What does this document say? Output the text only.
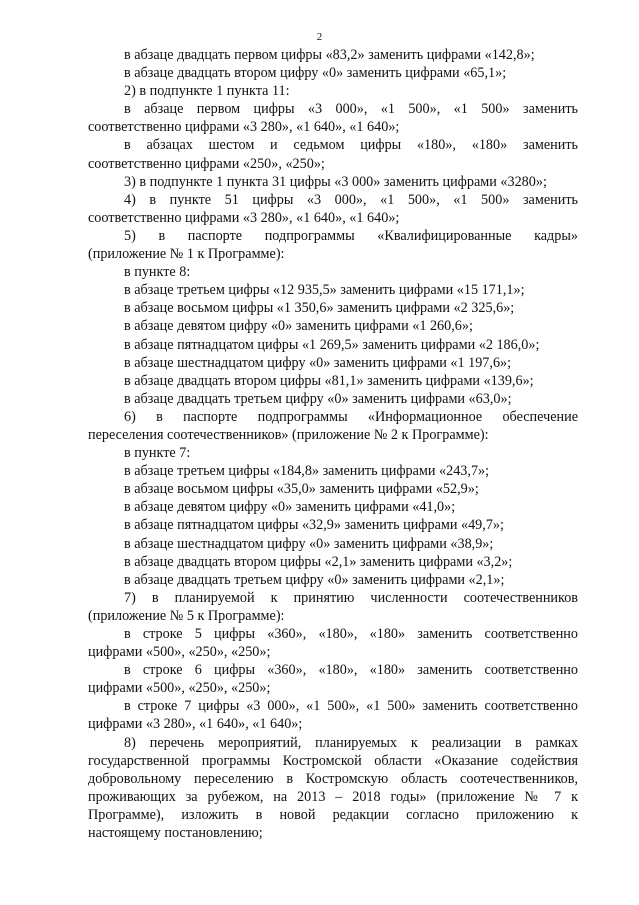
2
в абзаце двадцать первом цифры «83,2» заменить цифрами «142,8»;
в абзаце двадцать втором цифру «0» заменить цифрами «65,1»;
2) в подпункте 1 пункта 11:
в абзаце первом цифры «3 000», «1 500», «1 500» заменить
соответственно цифрами «3 280», «1 640», «1 640»;
в абзацах шестом и седьмом цифры «180», «180» заменить
соответственно цифрами «250», «250»;
3) в подпункте 1 пункта 31 цифры «3 000» заменить цифрами «3280»;
4) в пункте 51 цифры «3 000», «1 500», «1 500» заменить
соответственно цифрами «3 280», «1 640», «1 640»;
5) в паспорте подпрограммы «Квалифицированные кадры»
(приложение № 1 к Программе):
в пункте 8:
в абзаце третьем цифры «12 935,5» заменить цифрами «15 171,1»;
в абзаце восьмом цифры «1 350,6» заменить цифрами «2 325,6»;
в абзаце девятом цифру «0» заменить цифрами «1 260,6»;
в абзаце пятнадцатом цифры «1 269,5» заменить цифрами «2 186,0»;
в абзаце шестнадцатом цифру «0» заменить цифрами «1 197,6»;
в абзаце двадцать втором цифры «81,1» заменить цифрами «139,6»;
в абзаце двадцать третьем цифру «0» заменить цифрами «63,0»;
6) в паспорте подпрограммы «Информационное обеспечение
переселения соотечественников» (приложение № 2 к Программе):
в пункте 7:
в абзаце третьем цифры «184,8» заменить цифрами «243,7»;
в абзаце восьмом цифры «35,0» заменить цифрами «52,9»;
в абзаце девятом цифру «0» заменить цифрами «41,0»;
в абзаце пятнадцатом цифры «32,9» заменить цифрами «49,7»;
в абзаце шестнадцатом цифру «0» заменить цифрами «38,9»;
в абзаце двадцать втором цифры «2,1» заменить цифрами «3,2»;
в абзаце двадцать третьем цифру «0» заменить цифрами «2,1»;
7) в планируемой к принятию численности соотечественников
(приложение № 5 к Программе):
в строке 5 цифры «360», «180», «180» заменить соответственно
цифрами «500», «250», «250»;
в строке 6 цифры «360», «180», «180» заменить соответственно
цифрами «500», «250», «250»;
в строке 7 цифры «3 000», «1 500», «1 500» заменить соответственно
цифрами «3 280», «1 640», «1 640»;
8) перечень мероприятий, планируемых к реализации в рамках
государственной программы Костромской области «Оказание содействия
добровольному переселению в Костромскую область соотечественников,
проживающих за рубежом, на 2013 – 2018 годы» (приложение № 7 к
Программе), изложить в новой редакции согласно приложению к
настоящему постановлению;
